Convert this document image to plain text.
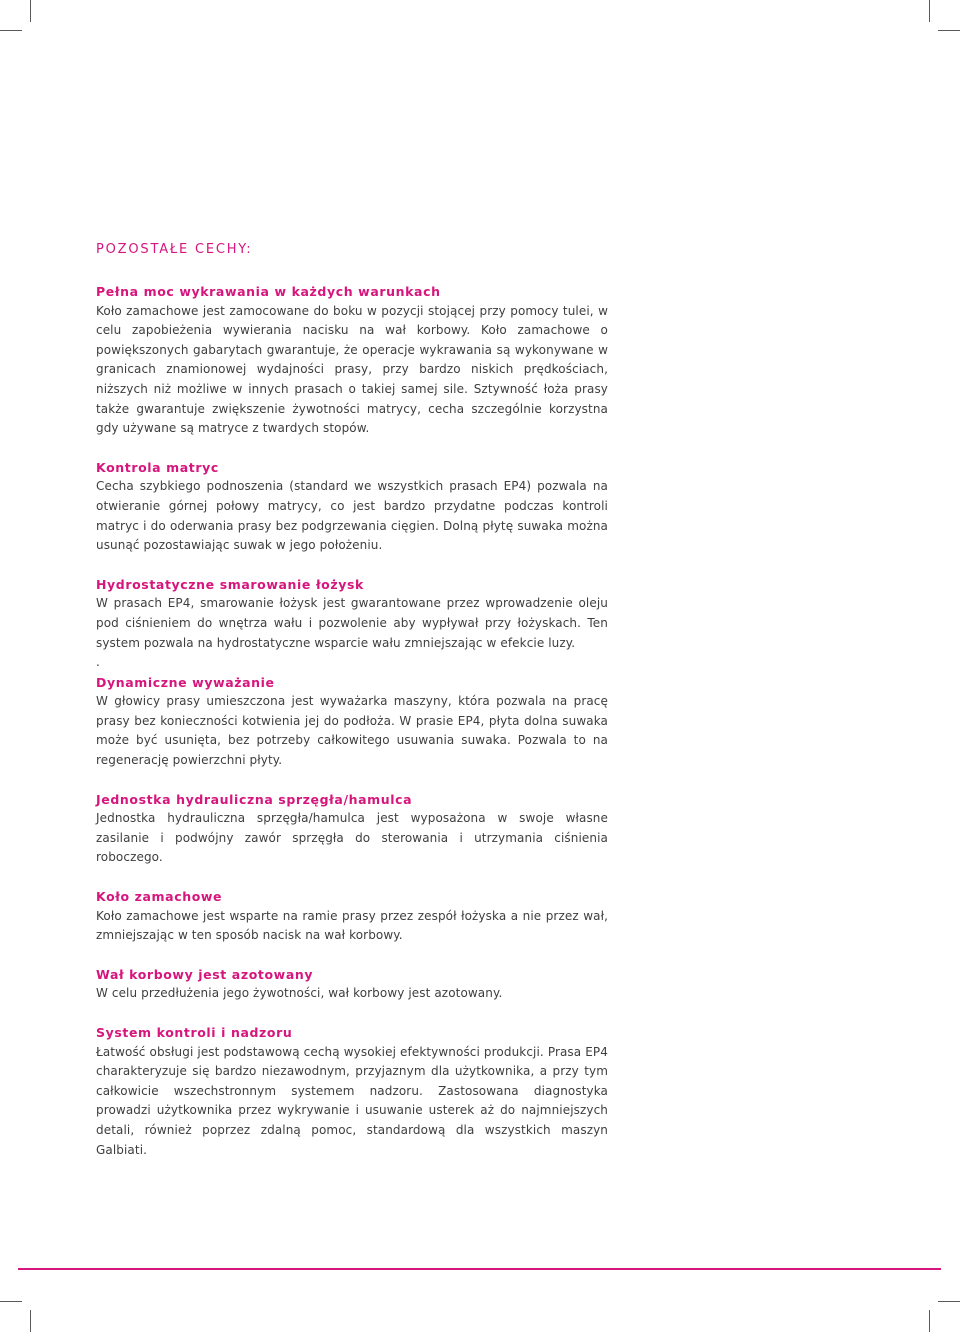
POZOSTAŁE CECHY:

Pełna moc wykrawania w każdych warunkach

Koło zamachowe jest zamocowane do boku w pozycji stojącej przy pomocy tulei, w celu zapobieżenia wywierania nacisku na wał korbowy. Koło zamachowe o powiększonych gabarytach gwarantuje, że operacje wykrawania są wykonywane w granicach znamionowej wydajności prasy, przy bardzo niskich prędkościach, niższych niż możliwe w innych prasach o takiej samej sile. Sztywność łoża prasy także gwarantuje zwiększenie żywotności matrycy, cecha szczególnie korzystna gdy używane są matryce z twardych stopów.

Kontrola matryc

Cecha szybkiego podnoszenia (standard we wszystkich prasach EP4) pozwala na otwieranie górnej połowy matrycy, co jest bardzo przydatne podczas kontroli matryc i do oderwania prasy bez podgrzewania cięgien. Dolną płytę suwaka można usunąć pozostawiając suwak w jego położeniu.

Hydrostatyczne smarowanie łożysk

W prasach EP4, smarowanie łożysk jest gwarantowane przez wprowadzenie oleju pod ciśnieniem do wnętrza wału i pozwolenie aby wypływał przy łożyskach. Ten system pozwala na hydrostatyczne wsparcie wału zmniejszając w efekcie luzy.

.

Dynamiczne wyważanie

W głowicy prasy umieszczona jest wyważarka maszyny, która pozwala na pracę prasy bez konieczności kotwienia jej do podłoża. W prasie EP4, płyta dolna suwaka może być usunięta, bez potrzeby całkowitego usuwania suwaka. Pozwala to na regenerację powierzchni płyty.

Jednostka hydrauliczna sprzęgła/hamulca

Jednostka hydrauliczna sprzęgła/hamulca jest wyposażona w swoje własne zasilanie i podwójny zawór sprzęgła do sterowania i utrzymania ciśnienia roboczego.

Koło zamachowe

Koło zamachowe jest wsparte na ramie prasy przez zespół łożyska a nie przez wał, zmniejszając w ten sposób nacisk na wał korbowy.

Wał korbowy jest azotowany

W celu przedłużenia jego żywotności, wał korbowy jest azotowany.

System kontroli i nadzoru

Łatwość obsługi jest podstawową cechą wysokiej efektywności produkcji. Prasa EP4 charakteryzuje się bardzo niezawodnym, przyjaznym dla użytkownika, a przy tym całkowicie wszechstronnym systemem nadzoru. Zastosowana diagnostyka prowadzi użytkownika przez wykrywanie i usuwanie usterek aż do najmniejszych detali, również poprzez zdalną pomoc, standardową dla wszystkich maszyn Galbiati.
